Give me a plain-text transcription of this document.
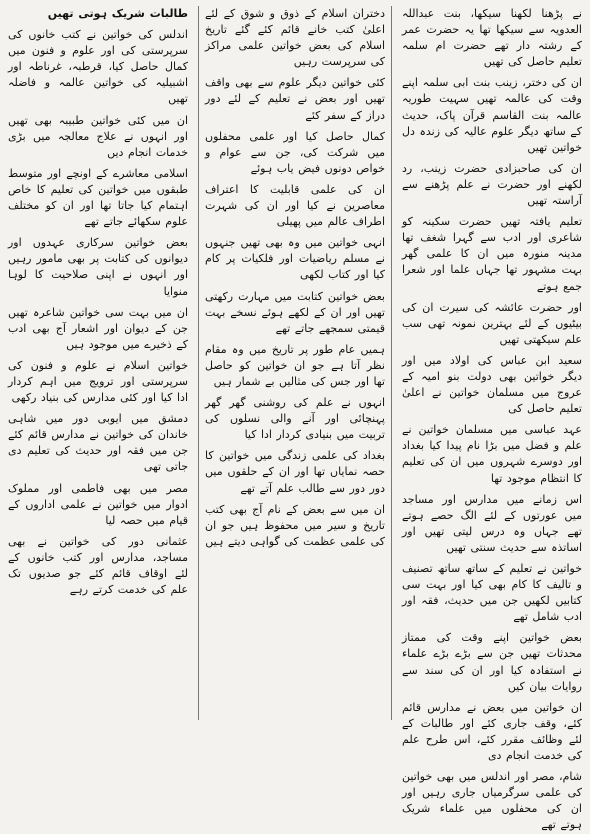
نے پڑھنا لکھنا سیکھا، بنت عبداللہ العدویہ سے سیکھا تھا یہ حضرت عمر کے رشتہ دار تھے حضرت ام سلمہ تعلیم حاصل کی تھیں

ان کی دختر، زینب بنت ابی سلمہ اپنے وقت کی عالمہ تھیں سہیت طوریہ عالمہ بنت القاسم قرآن پاک، حدیث کے ساتھ دیگر علوم عالیہ کی زندہ دل خواتین تھیں

ان کی صاحبزادی حضرت زینب، رد لکھنے اور حضرت نے علم پڑھنے سے آراستہ تھیں

تعلیم یافتہ تھیں حضرت سکینہ کو شاعری اور ادب سے گہرا شغف تھا مدینہ منورہ میں ان کا علمی گھر بہت مشہور تھا جہاں علما اور شعرا جمع ہوتے

اور حضرت عائشہ کی سیرت ان کی بیٹیوں کے لئے بہترین نمونہ تھی سب علم سیکھتی تھیں

سعید ابن عباس کی اولاد میں اور دیگر خواتین بھی دولت بنو امیہ کے عروج میں مسلمان خواتین نے اعلیٰ تعلیم حاصل کی

عہد عباسی میں مسلمان خواتین نے علم و فضل میں بڑا نام پیدا کیا بغداد اور دوسرے شہروں میں ان کی تعلیم کا انتظام موجود تھا

اس زمانے میں مدارس اور مساجد میں عورتوں کے لئے الگ حصے ہوتے تھے جہاں وہ درس لیتی تھیں اور اساتذہ سے حدیث سنتی تھیں

خواتین نے تعلیم کے ساتھ ساتھ تصنیف و تالیف کا کام بھی کیا اور بہت سی کتابیں لکھیں جن میں حدیث، فقہ اور ادب شامل تھے

بعض خواتین اپنے وقت کی ممتاز محدثات تھیں جن سے بڑے بڑے علماء نے استفادہ کیا اور ان کی سند سے روایات بیان کیں

ان خواتین میں بعض نے مدارس قائم کئے، وقف جاری کئے اور طالبات کے لئے وظائف مقرر کئے، اس طرح علم کی خدمت انجام دی

شام، مصر اور اندلس میں بھی خواتین کی علمی سرگرمیاں جاری رہیں اور ان کی محفلوں میں علماء شریک ہوتے تھے

دختران اسلام کے ذوق و شوق کے لئے اعلیٰ کتب خانے قائم کئے گئے تاریخ اسلام کی بعض خواتین علمی مراکز کی سرپرست رہیں

کئی خواتین دیگر علوم سے بھی واقف تھیں اور بعض نے تعلیم کے لئے دور دراز کے سفر کئے

کمال حاصل کیا اور علمی محفلوں میں شرکت کی، جن سے عوام و خواص دونوں فیض یاب ہوئے

ان کی علمی قابلیت کا اعتراف معاصرین نے کیا اور ان کی شہرت اطراف عالم میں پھیلی

انہی خواتین میں وہ بھی تھیں جنہوں نے مسلم ریاضیات اور فلکیات پر کام کیا اور کتاب لکھی

بعض خواتین کتابت میں مہارت رکھتی تھیں اور ان کے لکھے ہوئے نسخے بہت قیمتی سمجھے جاتے تھے

ہمیں عام طور پر تاریخ میں وہ مقام نظر آتا ہے جو ان خواتین کو حاصل تھا اور جس کی مثالیں بے شمار ہیں

انہوں نے علم کی روشنی گھر گھر پہنچائی اور آنے والی نسلوں کی تربیت میں بنیادی کردار ادا کیا

بغداد کی علمی زندگی میں خواتین کا حصہ نمایاں تھا اور ان کے حلقوں میں دور دور سے طالب علم آتے تھے

ان میں سے بعض کے نام آج بھی کتب تاریخ و سیر میں محفوظ ہیں جو ان کی علمی عظمت کی گواہی دیتے ہیں

طالبات شریک ہوتی تھیں

اندلس کی خواتین نے کتب خانوں کی سرپرستی کی اور علوم و فنون میں کمال حاصل کیا، قرطبہ، غرناطہ اور اشبیلیہ کی خواتین عالمہ و فاضلہ تھیں

ان میں کئی خواتین طبیبہ بھی تھیں اور انہوں نے علاج معالجہ میں بڑی خدمات انجام دیں

اسلامی معاشرے کے اونچے اور متوسط طبقوں میں خواتین کی تعلیم کا خاص اہتمام کیا جاتا تھا اور ان کو مختلف علوم سکھائے جاتے تھے

بعض خواتین سرکاری عہدوں اور دیوانوں کی کتابت پر بھی مامور رہیں اور انہوں نے اپنی صلاحیت کا لوہا منوایا

ان میں بہت سی خواتین شاعرہ تھیں جن کے دیوان اور اشعار آج بھی ادب کے ذخیرے میں موجود ہیں

خواتین اسلام نے علوم و فنون کی سرپرستی اور ترویج میں اہم کردار ادا کیا اور کئی مدارس کی بنیاد رکھی

دمشق میں ایوبی دور میں شاہی خاندان کی خواتین نے مدارس قائم کئے جن میں فقہ اور حدیث کی تعلیم دی جاتی تھی

مصر میں بھی فاطمی اور مملوک ادوار میں خواتین نے علمی اداروں کے قیام میں حصہ لیا

عثمانی دور کی خواتین نے بھی مساجد، مدارس اور کتب خانوں کے لئے اوقاف قائم کئے جو صدیوں تک علم کی خدمت کرتے رہے
